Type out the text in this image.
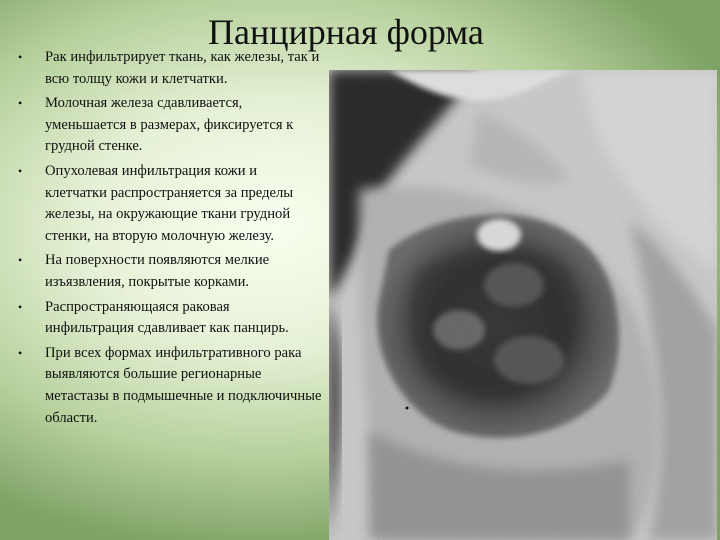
Панцирная форма
• Рак инфильтрирует ткань, как железы, так и всю толщу кожи и клетчатки.
• Молочная железа сдавливается, уменьшается в размерах, фиксируется к грудной стенке.
• Опухолевая инфильтрация кожи и клетчатки распространяется за пределы железы, на окружающие ткани грудной стенки, на вторую молочную железу.
• На поверхности появляются мелкие изъязвления, покрытые корками.
• Распространяющаяся раковая инфильтрация сдавливает как панцирь.
• При всех формах инфильтративного рака выявляются большие регионарные метастазы в подмышечные и подключичные области.
